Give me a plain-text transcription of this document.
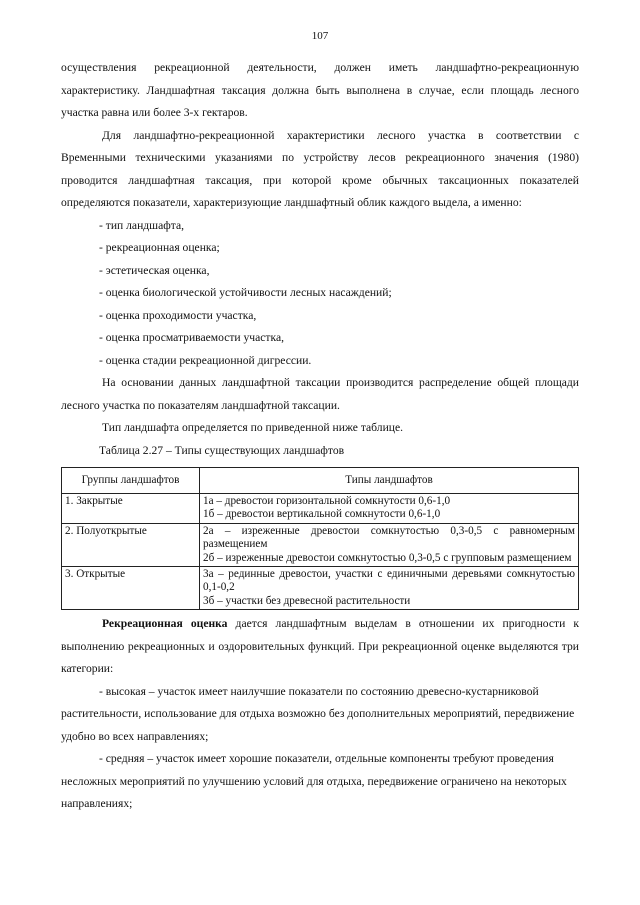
107

осуществления рекреационной деятельности, должен иметь ландшафтно-рекреационную характеристику. Ландшафтная таксация должна быть выполнена в случае, если площадь лесного участка равна или более 3-х гектаров.

Для ландшафтно-рекреационной характеристики лесного участка в соответствии с Временными техническими указаниями по устройству лесов рекреационного значения (1980) проводится ландшафтная таксация, при которой кроме обычных таксационных показателей определяются показатели, характеризующие ландшафтный облик каждого выдела, а именно:

- тип ландшафта,

- рекреационная оценка;

- эстетическая оценка,

- оценка биологической устойчивости лесных насаждений;

- оценка проходимости участка,

- оценка просматриваемости участка,

- оценка стадии рекреационной дигрессии.

На основании данных ландшафтной таксации производится распределение общей площади лесного участка по показателям ландшафтной таксации.

Тип ландшафта определяется по приведенной ниже таблице.

Таблица 2.27 – Типы существующих ландшафтов
Группы ландшафтов	Типы ландшафтов
1. Закрытые	1а – древостои горизонтальной сомкнутости 0,6-1,0
1б – древостои вертикальной сомкнутости 0,6-1,0

2. Полуоткрытые	2а – изреженные древостои сомкнутостью 0,3-0,5 с равномерным размещением
2б – изреженные древостои сомкнутостью 0,3-0,5 с групповым размещением

3. Открытые	3а – рединные древостои, участки с единичными деревьями сомкнутостью 0,1-0,2
3б – участки без древесной растительности

Рекреационная оценка дается ландшафтным выделам в отношении их пригодности к выполнению рекреационных и оздоровительных функций. При рекреационной оценке выделяются три категории:

- высокая – участок имеет наилучшие показатели по состоянию древесно-кустарниковой растительности, использование для отдыха возможно без дополнительных мероприятий, передвижение удобно во всех направлениях;

- средняя – участок имеет хорошие показатели, отдельные компоненты требуют проведения несложных мероприятий по улучшению условий для отдыха, передвижение ограничено на некоторых направлениях;
